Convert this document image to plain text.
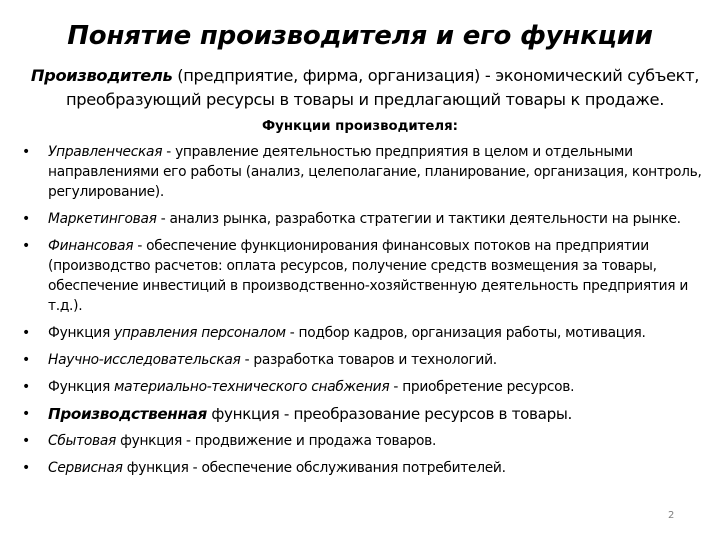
Понятие производителя и его функции
Производитель (предприятие, фирма, организация) - экономический субъект, преобразующий ресурсы в товары и предлагающий товары к продаже.
Функции производителя:
• Управленческая - управление деятельностью предприятия в целом и отдельными направлениями его работы (анализ, целеполагание, планирование, организация, контроль, регулирование).
• Маркетинговая - анализ рынка, разработка стратегии и тактики деятельности на рынке.
• Финансовая - обеспечение функционирования финансовых потоков на предприятии (производство расчетов: оплата ресурсов, получение средств возмещения за товары, обеспечение инвестиций в производственно-хозяйственную деятельность предприятия и т.д.).
• Функция управления персоналом - подбор кадров, организация работы, мотивация.
• Научно-исследовательская - разработка товаров и технологий.
• Функция материально-технического снабжения - приобретение ресурсов.
• Производственная функция - преобразование ресурсов в товары.
• Сбытовая функция - продвижение и продажа товаров.
• Сервисная функция - обеспечение обслуживания потребителей.
2
